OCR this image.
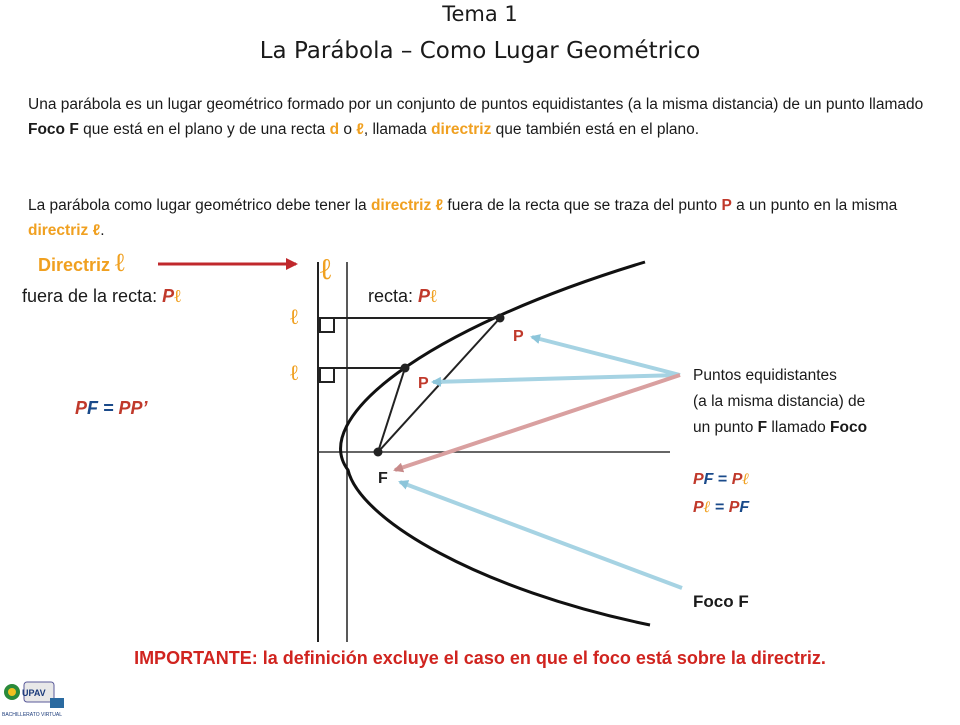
Tema 1
La Parábola – Como Lugar Geométrico
Una parábola es un lugar geométrico formado por un conjunto de puntos equidistantes (a la misma distancia) de un punto llamado Foco F que está en el plano y de una recta d o ℓ, llamada directriz que también está en el plano.
La parábola como lugar geométrico debe tener la directriz ℓ fuera de la recta que se traza del punto P a un punto en la misma directriz ℓ.
Directriz ℓ
fuera de la recta: Pℓ	recta: Pℓ
ℓ
ℓ
ℓ
P
P
F
PF = PP’
Puntos equidistantes
(a la misma distancia) de
un punto F llamado Foco
PF = Pℓ
Pℓ = PF
Foco F
IMPORTANTE: la definición excluye el caso en que el foco está sobre la directriz.
UPAV
BACHILLERATO VIRTUAL
